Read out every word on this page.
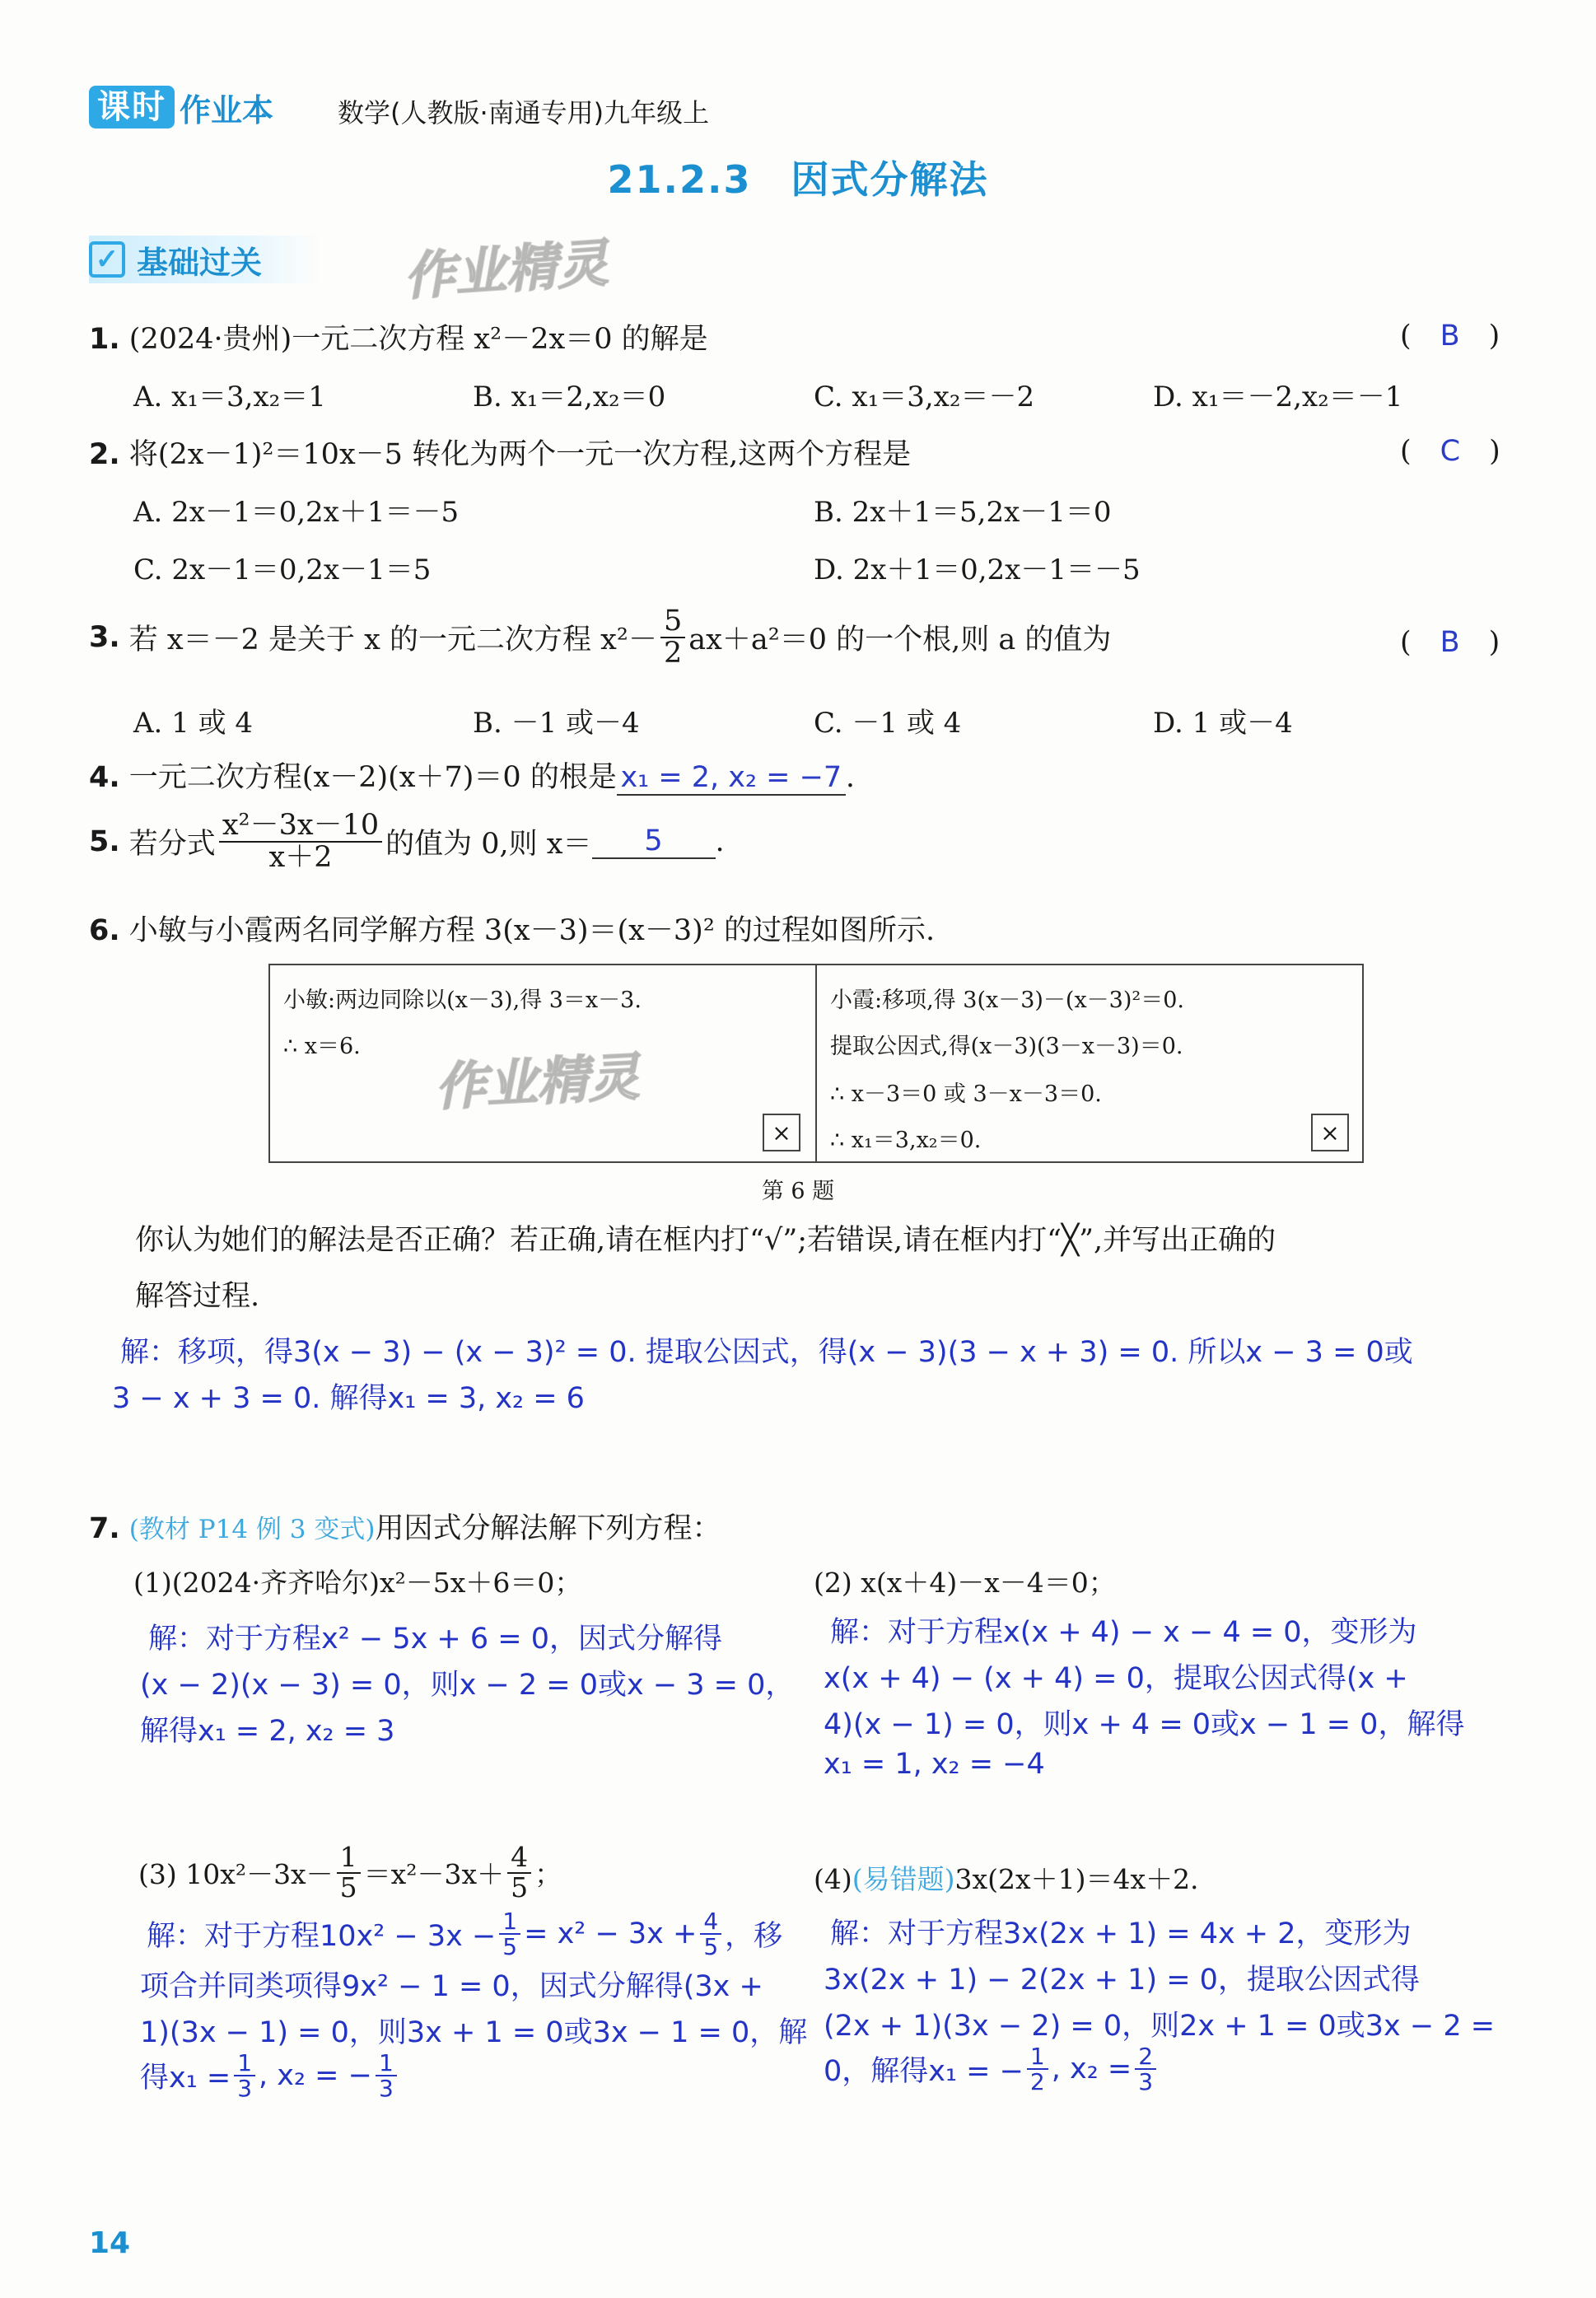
课时 作业本 数学(人教版·南通专用)九年级上
21.2.3　因式分解法
✓ 基础过关	作业精灵
1. (2024·贵州)一元二次方程 x²－2x＝0 的解是	(　B　)
A. x₁＝3,x₂＝1	B. x₁＝2,x₂＝0	C. x₁＝3,x₂＝－2	D. x₁＝－2,x₂＝－1
2. 将(2x－1)²＝10x－5 转化为两个一元一次方程,这两个方程是	(　C　)
A. 2x－1＝0,2x＋1＝－5	B. 2x＋1＝5,2x－1＝0
C. 2x－1＝0,2x－1＝5	D. 2x＋1＝0,2x－1＝－5
3.
若 x＝－2 是关于 x 的一元二次方程 $x^2- \frac{5}{2} ax+a^2=0$ 的一个根,则 a 的值为	(　B　)
A. 1 或 4	B. －1 或－4	C. －1 或 4	D. 1 或－4
4. 一元二次方程(x－2)(x＋7)＝0 的根是 x₁ = 2, x₂ = −7 .
5.
若分式 $\frac{\text{x²－3x－10}}{x+2}$ 的值为 0,则 x＝	5	.
6. 小敏与小霞两名同学解方程 3(x－3)＝(x－3)² 的过程如图所示.
小敏:两边同除以(x－3),得 3＝x－3.
∴ x＝6.
作业精灵
×
小霞:移项,得 3(x－3)－(x－3)²＝0.
提取公因式,得(x－3)(3－x－3)＝0.
∴ x－3＝0 或 3－x－3＝0.
∴ x₁＝3,x₂＝0.	×
第 6 题
你认为她们的解法是否正确？若正确,请在框内打“√”;若错误,请在框内打“╳”,并写出正确的
解答过程.
解：移项，得3(x − 3) − (x − 3)² = 0. 提取公因式，得(x − 3)(3 − x + 3) = 0. 所以x − 3 = 0或
3 − x + 3 = 0. 解得x₁ = 3, x₂ = 6
7. (教材 P14 例 3 变式)用因式分解法解下列方程：
(1)(2024·齐齐哈尔)x²－5x＋6＝0；
解：对于方程x² − 5x + 6 = 0，因式分解得
(x − 2)(x − 3) = 0，则x − 2 = 0或x − 3 = 0，
解得x₁ = 2, x₂ = 3
(2) x(x＋4)－x－4＝0；
解：对于方程x(x + 4) − x − 4 = 0，变形为
x(x + 4) − (x + 4) = 0，提取公因式得(x +
4)(x − 1) = 0，则x + 4 = 0或x − 1 = 0，解得
x₁ = 1, x₂ = −4
(3) $10x^2-3x- \frac{1}{5} =x^2-3x+ \frac{4}{5}$ ；
解：对于方程$10x^2 - 3x - \frac{1}{5} = x^2 - 3x + \frac{4}{5}$ ，移
项合并同类项得9x² − 1 = 0，因式分解得(3x +
1)(3x − 1) = 0，则3x + 1 = 0或3x − 1 = 0，解
得$x_1 = \frac{1}{3}$ , x₂ = − $\frac{1}{3}$
(4)(易错题)3x(2x＋1)＝4x＋2.
解：对于方程3x(2x + 1) = 4x + 2，变形为
3x(2x + 1) − 2(2x + 1) = 0，提取公因式得
(2x + 1)(3x − 2) = 0，则2x + 1 = 0或3x − 2 =
0，解得x₁ = − $\frac{1}{2}$ , $x_2 = \frac{2}{3}$
14
